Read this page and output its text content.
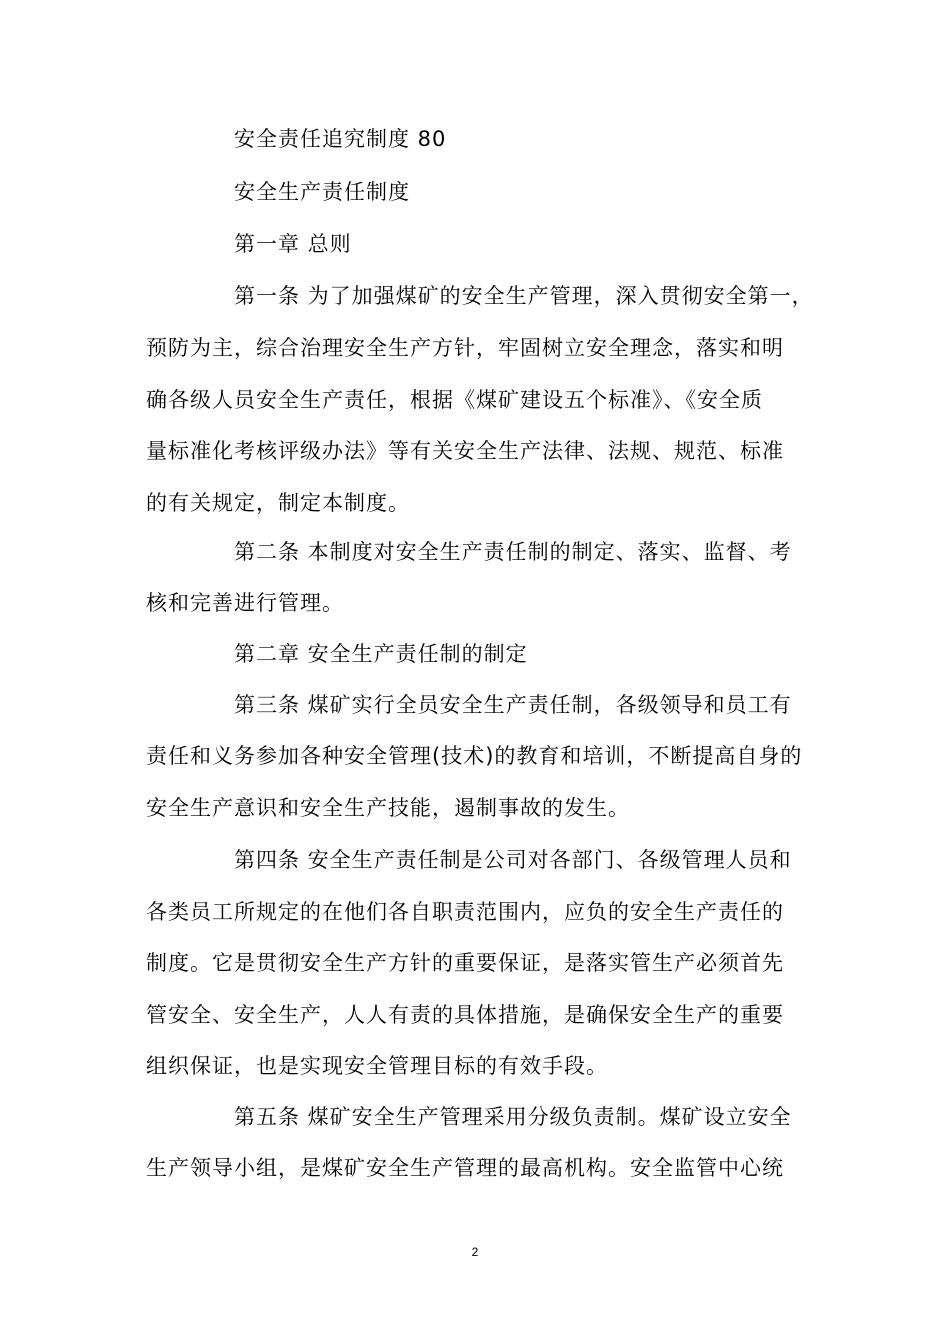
安全责任追究制度 80
安全生产责任制度
第一章 总则
第一条 为了加强煤矿的安全生产管理，深入贯彻安全第一，
预防为主，综合治理安全生产方针，牢固树立安全理念，落实和明
确各级人员安全生产责任，根据《煤矿建设五个标准》、《安全质
量标准化考核评级办法》等有关安全生产法律、法规、规范、标准
的有关规定，制定本制度。
第二条 本制度对安全生产责任制的制定、落实、监督、考
核和完善进行管理。
第二章 安全生产责任制的制定
第三条 煤矿实行全员安全生产责任制，各级领导和员工有
责任和义务参加各种安全管理(技术)的教育和培训，不断提高自身的
安全生产意识和安全生产技能，遏制事故的发生。
第四条 安全生产责任制是公司对各部门、各级管理人员和
各类员工所规定的在他们各自职责范围内，应负的安全生产责任的
制度。它是贯彻安全生产方针的重要保证，是落实管生产必须首先
管安全、安全生产，人人有责的具体措施，是确保安全生产的重要
组织保证，也是实现安全管理目标的有效手段。
第五条 煤矿安全生产管理采用分级负责制。煤矿设立安全
生产领导小组，是煤矿安全生产管理的最高机构。安全监管中心统
2
